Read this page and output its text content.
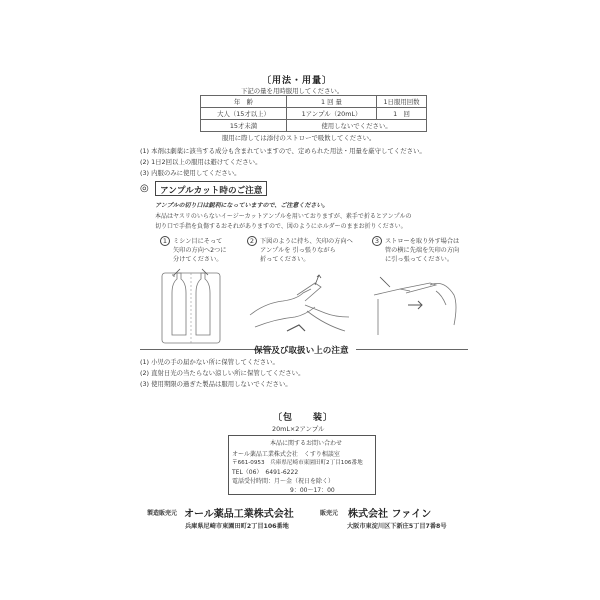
〔用法・用量〕
下記の量を用時服用してください。
年　齢	1 回 量	1日服用回数
大人（15才以上）	1アンプル（20mL）	1　回
15才未満	使用しないでください。	
服用に際しては添付のストローで吸飲してください。
(1) 本剤は劇薬に該当する成分も含まれていますので、定められた用法・用量を厳守してください。
(2) 1日2回以上の服用は避けてください。
(3) 内服のみに使用してください。
◎ アンプルカット時のご注意
アンプルの切り口は鋭利になっていますので、ご注意ください。
本品はヤスリのいらないイージーカットアンプルを用いておりますが、素手で折るとアンプルの
切り口で手指を負傷するおそれがありますので、図のようにホルダーのままお折りください。
1 ミシン目にそって
矢印の方向へ2つに
分けてください。
2 下図のように持ち、矢印の方向へ
アンプルを 引っ張りながら
折ってください。
3 ストローを取り外す場合は
管の横に先端を矢印の方向
に引っ張ってください。
保管及び取扱い上の注意
(1) 小児の手の届かない所に保管してください。
(2) 直射日光の当たらない涼しい所に保管してください。
(3) 使用期限の過ぎた製品は服用しないでください。
〔包　　装〕
20mL×2アンプル
本品に関するお問い合わせ
オール薬品工業株式会社　くすり相談室
〒661-0953　兵庫県尼崎市東園田町2丁目106番地
TEL（06）　6491-6222
電話受付時間：月〜金（祝日を除く）
9：00〜17：00
製造販売元 オール薬品工業株式会社
兵庫県尼崎市東園田町2丁目106番地
販売元 株式会社 ファイン
大阪市東淀川区下新庄5丁目7番8号
